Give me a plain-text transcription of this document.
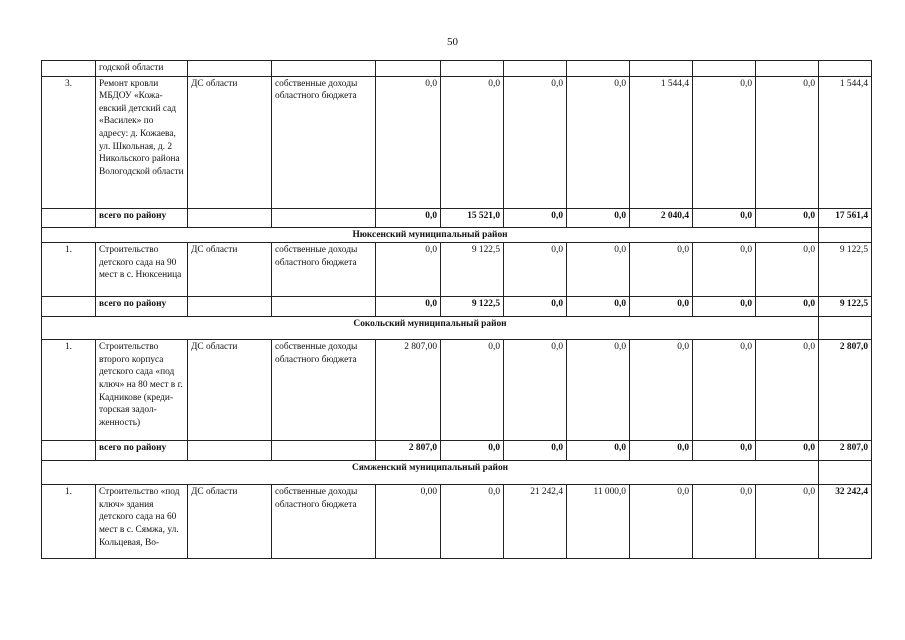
50
	годской области										
3.	Ремонт кровли МБДОУ «Кожаевский детский сад «Василек» по адресу: д. Кожаева, ул. Школьная, д. 2 Никольского района Вологодской области	ДС области	собственные доходы областного бюджета	0,0	0,0	0,0	0,0	1 544,4	0,0	0,0	1 544,4
	всего по району			0,0	15 521,0	0,0	0,0	2 040,4	0,0	0,0	17 561,4
Нюксенский муниципальный район											
1.	Строительство детского сада на 90 мест в с. Нюксеница	ДС области	собственные доходы областного бюджета	0,0	9 122,5	0,0	0,0	0,0	0,0	0,0	9 122,5
	всего по району			0,0	9 122,5	0,0	0,0	0,0	0,0	0,0	9 122,5
Сокольский муниципальный район											
1.	Строительство второго корпуса детского сада «под ключ» на 80 мест в г. Кадникове (кредиторская задолженность)	ДС области	собственные доходы областного бюджета	2 807,00	0,0	0,0	0,0	0,0	0,0	0,0	2 807,0
	всего по району			2 807,0	0,0	0,0	0,0	0,0	0,0	0,0	2 807,0
Сямженский муниципальный район											
1.	Строительство «под ключ» здания детского сада на 60 мест в с. Сямжа, ул. Кольцевая, Во-	ДС области	собственные доходы областного бюджета	0,00	0,0	21 242,4	11 000,0	0,0	0,0	0,0	32 242,4
